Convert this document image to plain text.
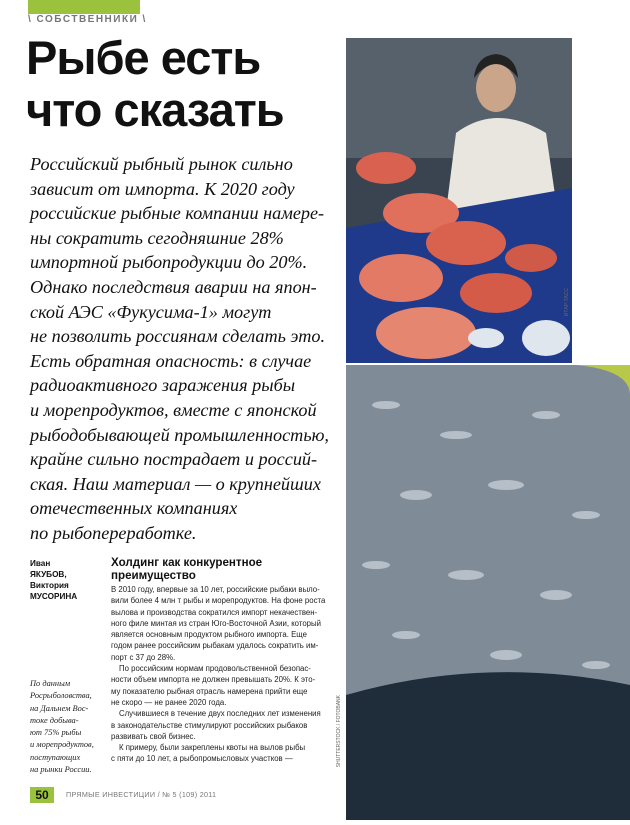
\ СОБСТВЕННИКИ \
Рыбе есть
что сказать
Российский рыбный рынок сильно
зависит от импорта. К 2020 году
российские рыбные компании намере-
ны сократить сегодняшние 28%
импортной рыбопродукции до 20%.
Однако последствия аварии на япон-
ской АЭС «Фукусима-1» могут
не позволить россиянам сделать это.
Есть обратная опасность: в случае
радиоактивного заражения рыбы
и морепродуктов, вместе с японской
рыбодобывающей промышленностью,
крайне сильно пострадает и россий-
ская. Наш материал — о крупнейших
отечественных компаниях
по рыбопереработке.
Иван
ЯКУБОВ,
Виктория
МУСОРИНА
По данным
Росрыболовства,
на Дальнем Вос-
токе добыва-
ют 75% рыбы
и морепродуктов,
поступающих
на рынки России.
Холдинг как конкурентное
преимущество
В 2010 году, впервые за 10 лет, российские рыбаки выло-
вили более 4 млн т рыбы и морепродуктов. На фоне роста
вылова и производства сократился импорт некачествен-
ного филе минтая из стран Юго-Восточной Азии, который
является основным продуктом рыбного импорта. Еще
годом ранее российским рыбакам удалось сократить им-
порт с 37 до 28%.
По российским нормам продовольственной безопас-
ности объем импорта не должен превышать 20%. К это-
му показателю рыбная отрасль намерена прийти еще
не скоро — не ранее 2020 года.
Случившиеся в течение двух последних лет изменения
в законодательстве стимулируют российских рыбаков
развивать свой бизнес.
К примеру, были закреплены квоты на вылов рыбы
с пяти до 10 лет, а рыбопромысловых участков —
ИТАР-ТАСС
SHUTTERSTOCK / FOTOBANK
50	ПРЯМЫЕ ИНВЕСТИЦИИ / № 5 (109) 2011
